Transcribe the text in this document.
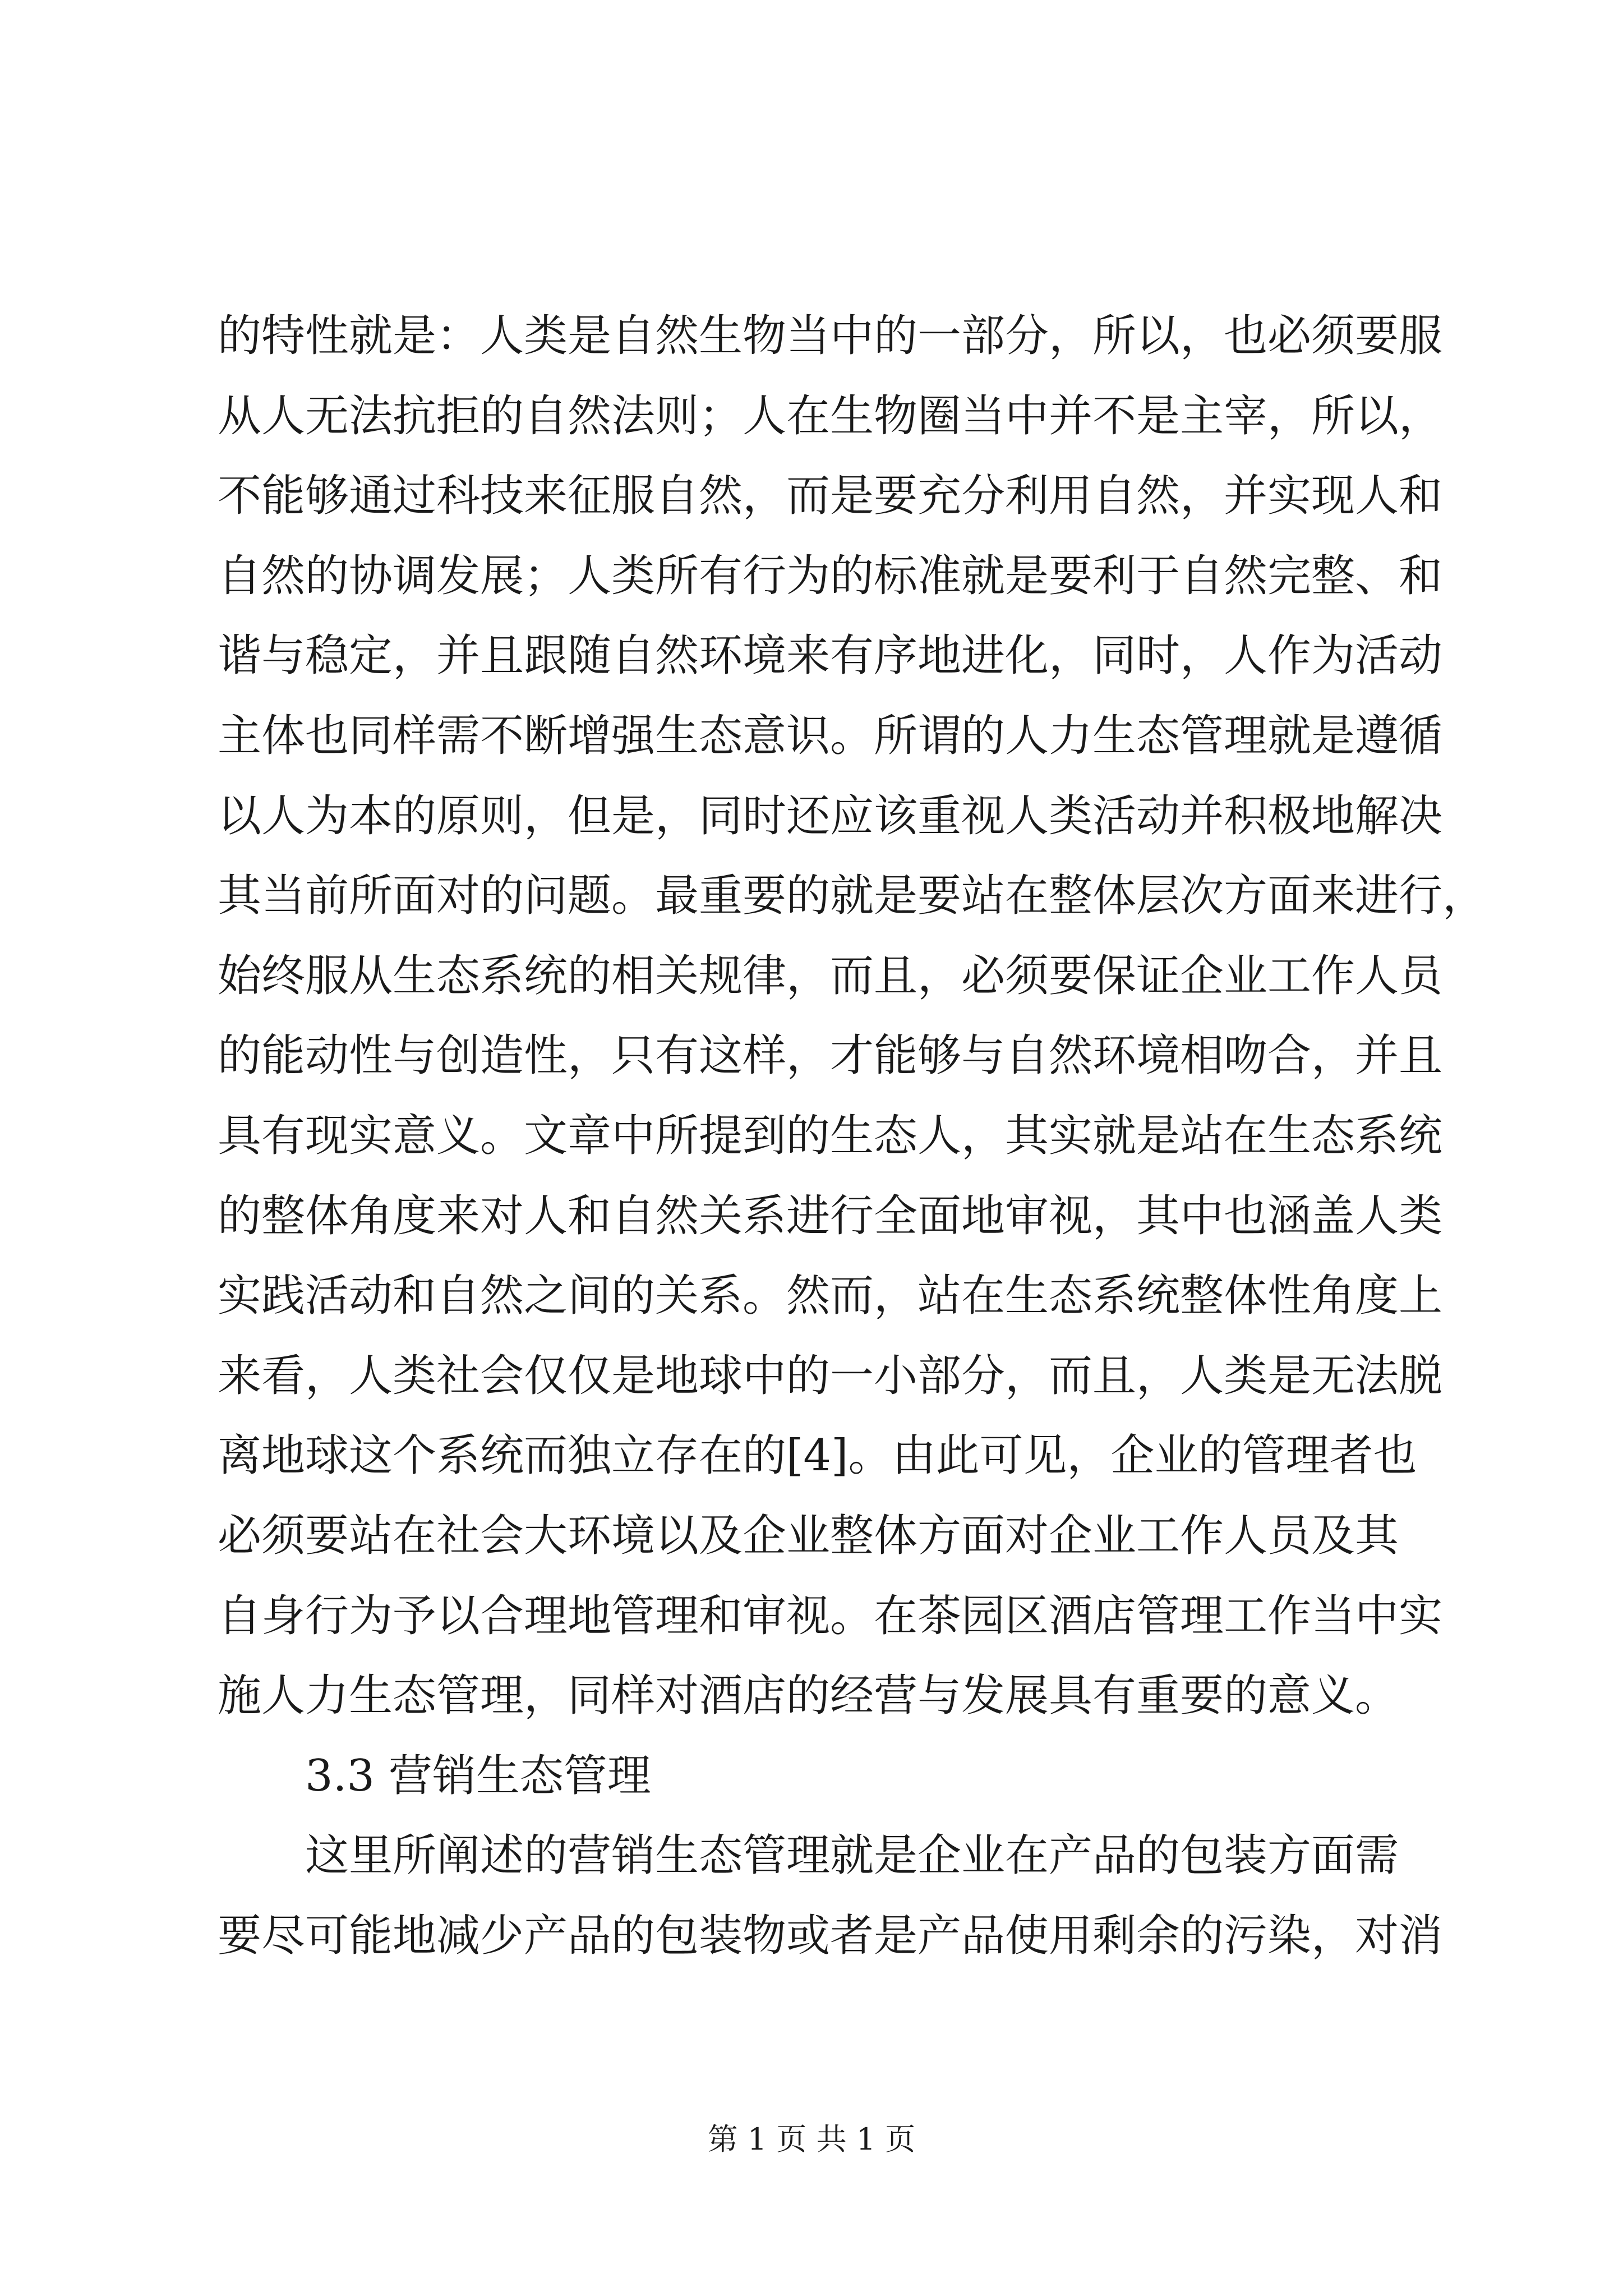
的特性就是：人类是自然生物当中的一部分，所以，也必须要服
从人无法抗拒的自然法则；人在生物圈当中并不是主宰，所以，
不能够通过科技来征服自然，而是要充分利用自然，并实现人和
自然的协调发展；人类所有行为的标准就是要利于自然完整、和
谐与稳定，并且跟随自然环境来有序地进化，同时，人作为活动
主体也同样需不断增强生态意识。所谓的人力生态管理就是遵循
以人为本的原则，但是，同时还应该重视人类活动并积极地解决
其当前所面对的问题。最重要的就是要站在整体层次方面来进行，
始终服从生态系统的相关规律，而且，必须要保证企业工作人员
的能动性与创造性，只有这样，才能够与自然环境相吻合，并且
具有现实意义。文章中所提到的生态人，其实就是站在生态系统
的整体角度来对人和自然关系进行全面地审视，其中也涵盖人类
实践活动和自然之间的关系。然而，站在生态系统整体性角度上
来看，人类社会仅仅是地球中的一小部分，而且，人类是无法脱
离地球这个系统而独立存在的[4]。由此可见，企业的管理者也
必须要站在社会大环境以及企业整体方面对企业工作人员及其
自身行为予以合理地管理和审视。在茶园区酒店管理工作当中实
施人力生态管理，同样对酒店的经营与发展具有重要的意义。
3.3 营销生态管理
这里所阐述的营销生态管理就是企业在产品的包装方面需
要尽可能地减少产品的包装物或者是产品使用剩余的污染，对消
第 1 页 共 1 页
